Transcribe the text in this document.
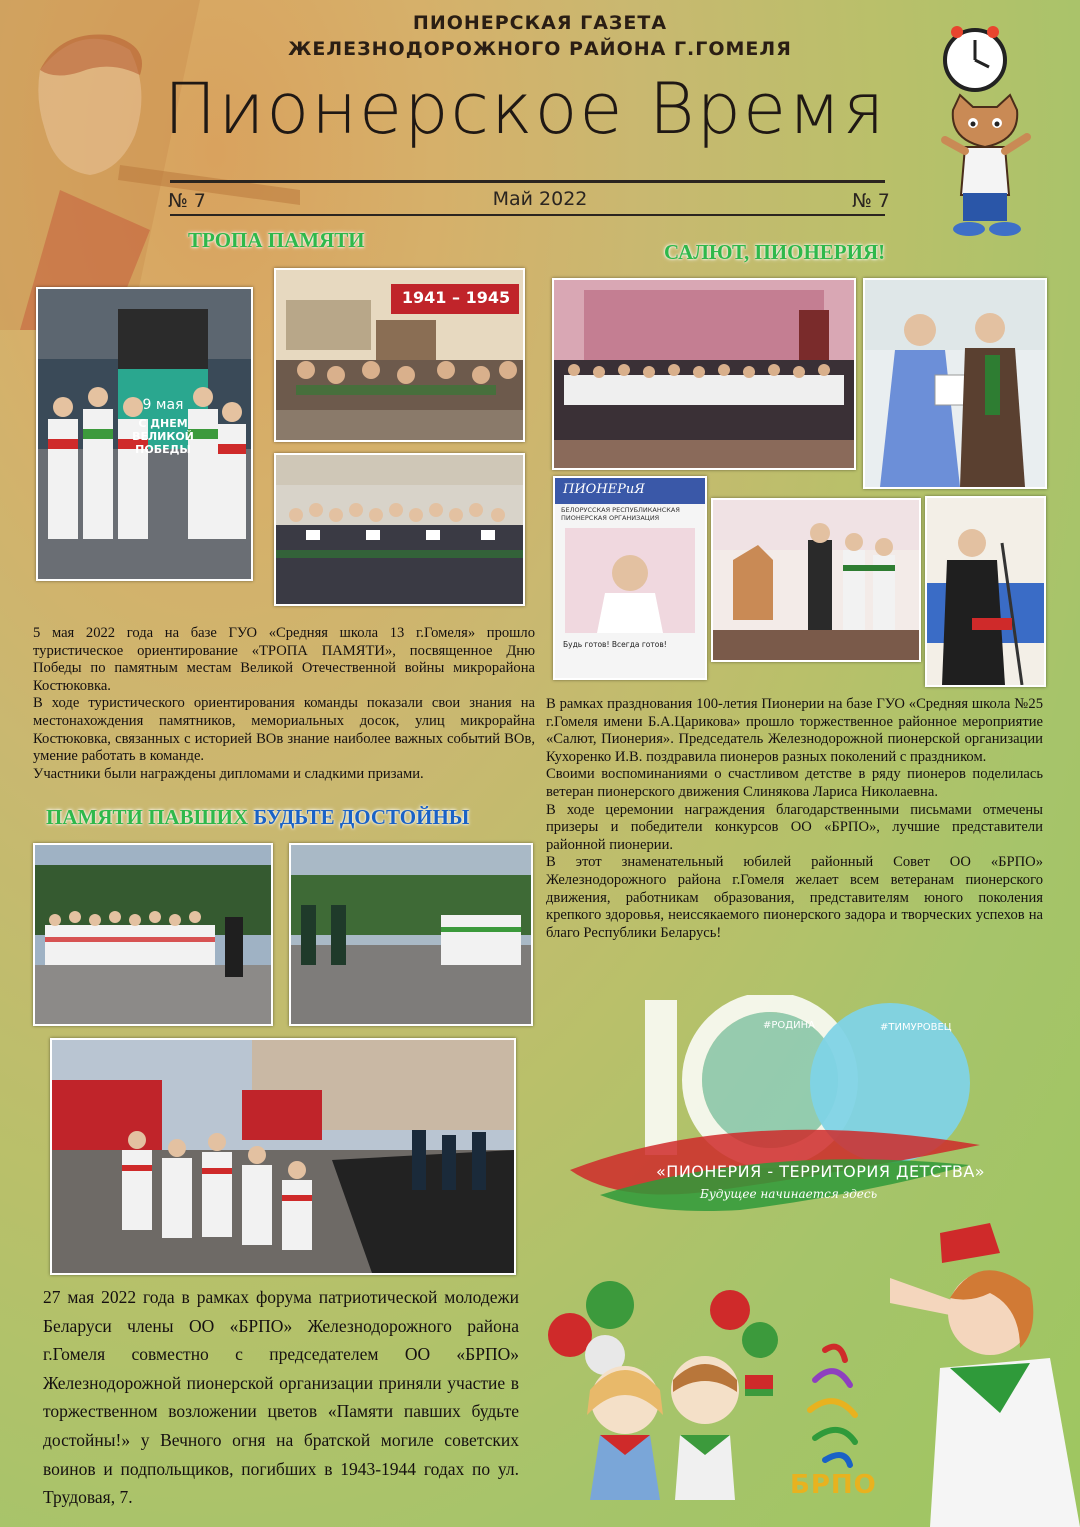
ПИОНЕРСКАЯ ГАЗЕТА
ЖЕЛЕЗНОДОРОЖНОГО РАЙОНА Г.ГОМЕЛЯ
Пионерское Время
№ 7	Май 2022	№ 7
ТРОПА ПАМЯТИ
9 мая
С ДНЕМ ВЕЛИКОЙ ПОБЕДЫ
1941 – 1945

5 мая 2022 года на базе ГУО «Средняя школа 13 г.Гомеля» прошло туристическое ориентирование «ТРОПА ПАМЯТИ», посвященное Дню Победы по памятным местам Великой Отечественной войны микрорайона Костюковка.

В ходе туристического ориентирования команды показали свои знания на местонахождения памятников, мемориальных досок, улиц микрорайна Костюковка, связанных с историей ВОв знание наиболее важных событий ВОв, умение работать в команде.

Участники были награждены дипломами и сладкими призами.

САЛЮТ, ПИОНЕРИЯ!
ПИОНЕРиЯ
БЕЛОРУССКАЯ РЕСПУБЛИКАНСКАЯ ПИОНЕРСКАЯ ОРГАНИЗАЦИЯ
Будь готов! Всегда готов!

В рамках празднования 100-летия Пионерии на базе ГУО «Средняя школа №25 г.Гомеля имени Б.А.Царикова» прошло торжественное районное мероприятие «Салют, Пионерия». Председатель Железнодорожной пионерской организации Кухоренко И.В. поздравила пионеров разных поколений с праздником.

Своими воспоминаниями о счастливом детстве в ряду пионеров поделилась ветеран пионерского движения Слинякова Лариса Николаевна.

В ходе церемонии награждения благодарственными письмами отмечены призеры и победители конкурсов ОО «БРПО», лучшие представители районной пионерии.

В этот знаменательный юбилей районный Совет ОО «БРПО» Железнодорожного района г.Гомеля желает всем ветеранам пионерского движения, работникам образования, представителям юного поколения крепкого здоровья, неиссякаемого пионерского задора и творческих успехов на благо Республики Беларусь!

ПАМЯТИ ПАВШИХ БУДЬТЕ ДОСТОЙНЫ

27 мая 2022 года в рамках форума патриотической молодежи Беларуси члены ОО «БРПО» Железнодорожного района г.Гомеля совместно с председателем ОО «БРПО» Железнодорожной пионерской организации приняли участие в торжественном возложении цветов «Памяти павших будьте достойны!» у Вечного огня на братской могиле советских воинов и подпольщиков, погибших в 1943-1944 годах по ул. Трудовая, 7.

#РОДИНА	#ТИМУРОВЕЦ
«ПИОНЕРИЯ - ТЕРРИТОРИЯ ДЕТСТВА»
Будущее начинается здесь
БРПО
